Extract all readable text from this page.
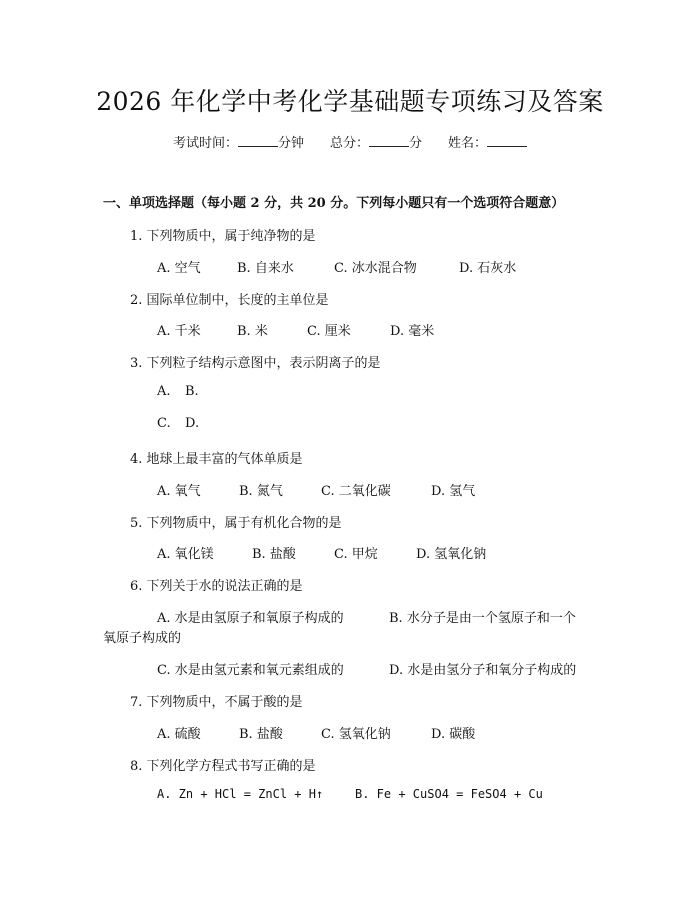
2026 年化学中考化学基础题专项练习及答案
考试时间：	分钟 总分：	分 姓名：
一、单项选择题（每小题 2 分，共 20 分。下列每小题只有一个选项符合题意）
1. 下列物质中，属于纯净物的是
A. 空气	B. 自来水	C. 冰水混合物	D. 石灰水
2. 国际单位制中，长度的主单位是
A. 千米	B. 米	C. 厘米	D. 毫米
3. 下列粒子结构示意图中，表示阴离子的是
A. B.
C. D.
4. 地球上最丰富的气体单质是
A. 氧气	B. 氮气	C. 二氧化碳	D. 氢气
5. 下列物质中，属于有机化合物的是
A. 氧化镁	B. 盐酸	C. 甲烷	D. 氢氧化钠
6. 下列关于水的说法正确的是
A. 水是由氢原子和氧原子构成的	B. 水分子是由一个氢原子和一个
氧原子构成的
C. 水是由氢元素和氧元素组成的	D. 水是由氢分子和氧分子构成的
7. 下列物质中，不属于酸的是
A. 硫酸	B. 盐酸	C. 氢氧化钠	D. 碳酸
8. 下列化学方程式书写正确的是
A. Zn + HCl = ZnCl + H↑	B. Fe + CuSO4 = FeSO4 + Cu
